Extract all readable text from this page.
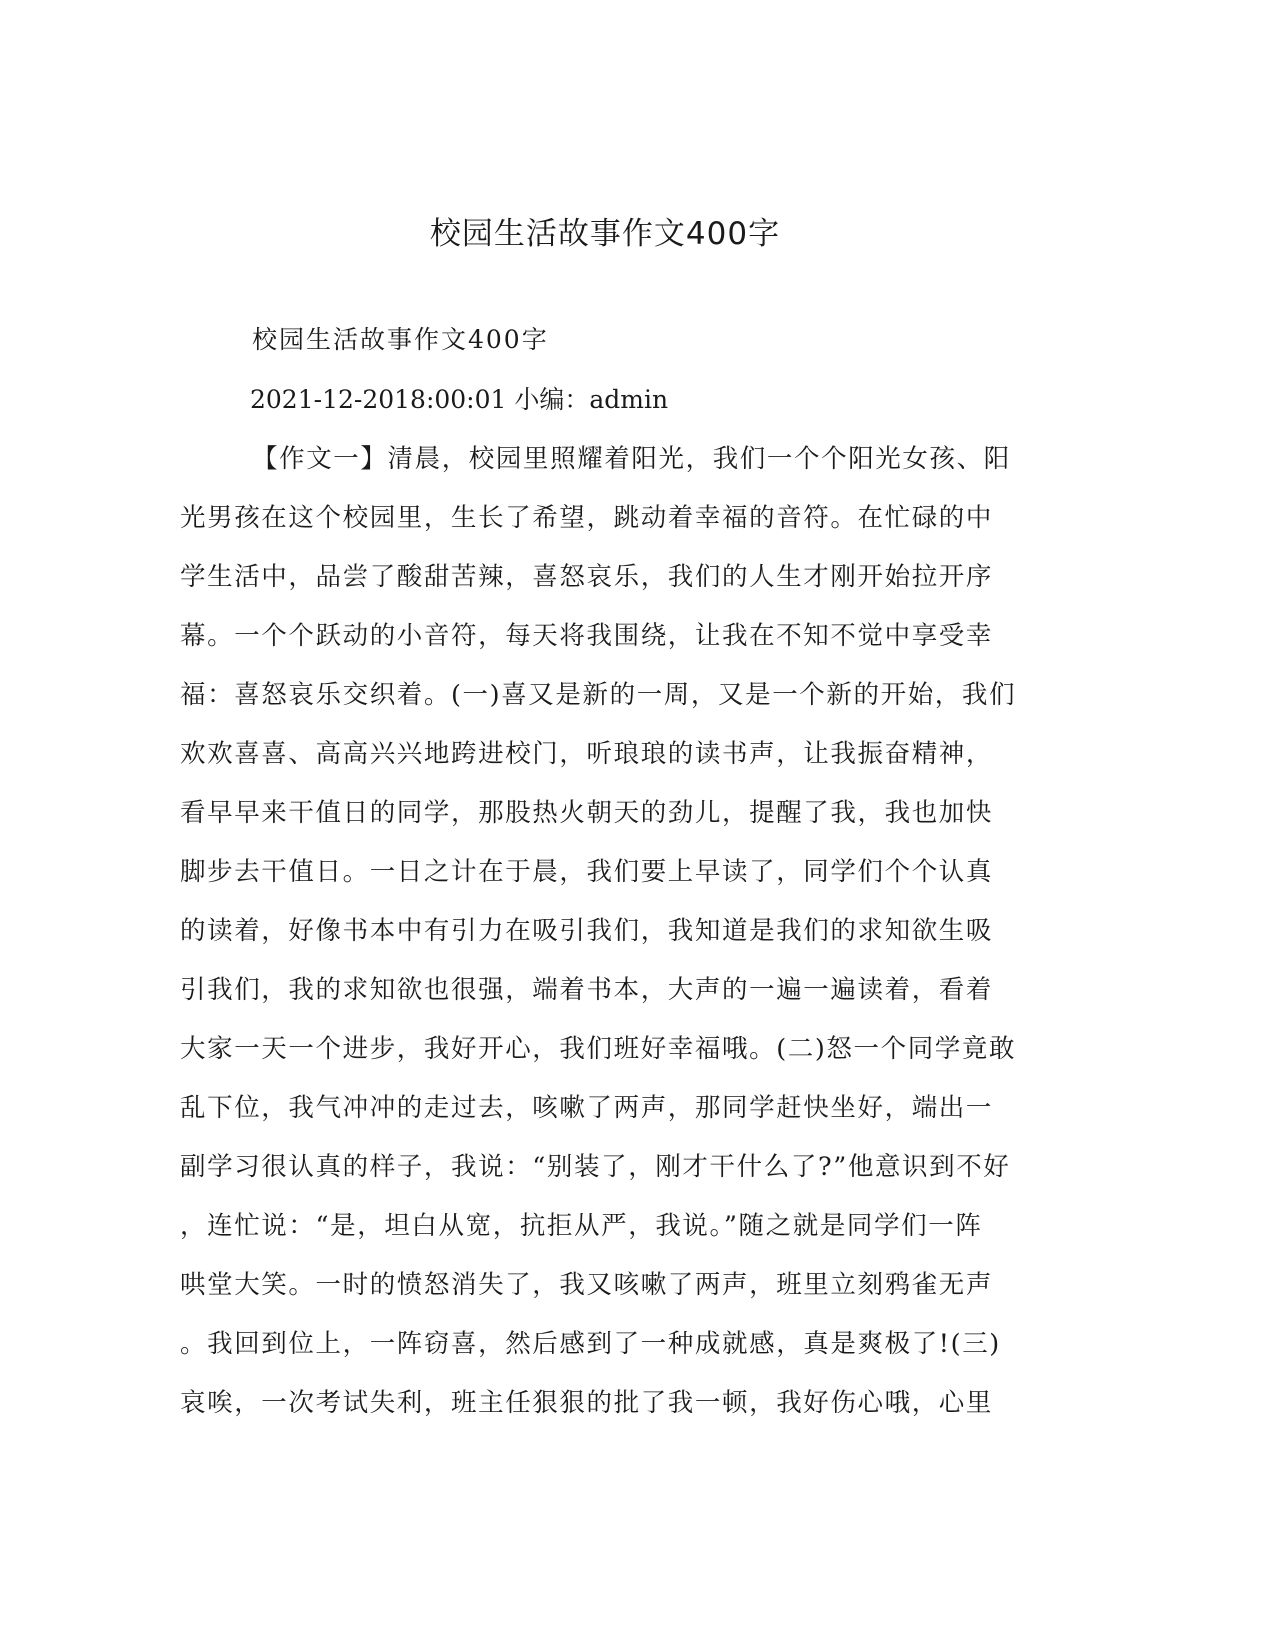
校园生活故事作文400字
校园生活故事作文400字
2021-12-2018:00:01 小编：admin
【作文一】清晨，校园里照耀着阳光，我们一个个阳光女孩、阳
光男孩在这个校园里，生长了希望，跳动着幸福的音符。在忙碌的中
学生活中，品尝了酸甜苦辣，喜怒哀乐，我们的人生才刚开始拉开序
幕。一个个跃动的小音符，每天将我围绕，让我在不知不觉中享受幸
福：喜怒哀乐交织着。(一)喜又是新的一周，又是一个新的开始，我们
欢欢喜喜、高高兴兴地跨进校门，听琅琅的读书声，让我振奋精神，
看早早来干值日的同学，那股热火朝天的劲儿，提醒了我，我也加快
脚步去干值日。一日之计在于晨，我们要上早读了，同学们个个认真
的读着，好像书本中有引力在吸引我们，我知道是我们的求知欲生吸
引我们，我的求知欲也很强，端着书本，大声的一遍一遍读着，看着
大家一天一个进步，我好开心，我们班好幸福哦。(二)怒一个同学竟敢
乱下位，我气冲冲的走过去，咳嗽了两声，那同学赶快坐好，端出一
副学习很认真的样子，我说：“别装了，刚才干什么了?”他意识到不好
，连忙说：“是，坦白从宽，抗拒从严，我说。”随之就是同学们一阵
哄堂大笑。一时的愤怒消失了，我又咳嗽了两声，班里立刻鸦雀无声
。我回到位上，一阵窃喜，然后感到了一种成就感，真是爽极了!(三)
哀唉，一次考试失利，班主任狠狠的批了我一顿，我好伤心哦，心里
